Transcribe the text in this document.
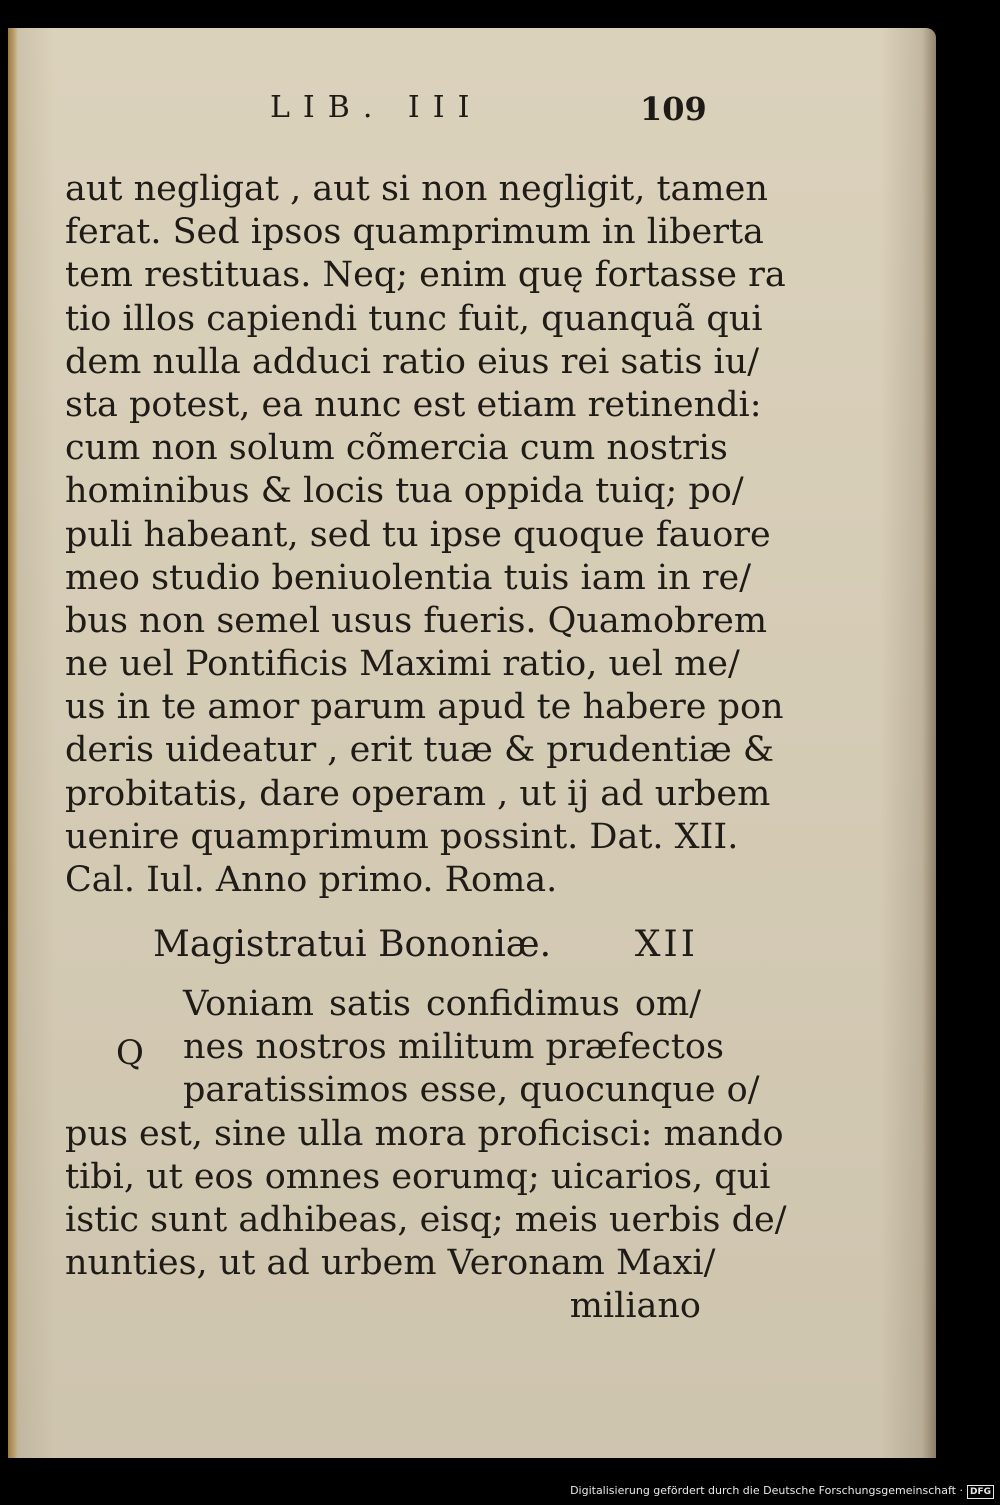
LIB. III	109
aut negligat , aut si non negligit, tamen
ferat. Sed ipsos quamprimum in liberta
tem restituas. Neq; enim quę fortasse ra
tio illos capiendi tunc fuit, quanquã qui
dem nulla adduci ratio eius rei satis iu/
sta potest, ea nunc est etiam retinendi:
cum non solum cõmercia cum nostris
hominibus & locis tua oppida tuiq; po/
puli habeant, sed tu ipse quoque fauore
meo studio beniuolentia tuis iam in re/
bus non semel usus fueris. Quamobrem
ne uel Pontificis Maximi ratio, uel me/
us in te amor parum apud te habere pon
deris uideatur , erit tuæ & prudentiæ &
probitatis, dare operam , ut ij ad urbem
uenire quamprimum possint. Dat. XII.
Cal. Iul. Anno primo. Roma.
Magistratui Bononiæ. XII
Q
Voniam satis confidimus om/
nes nostros militum præfectos
paratissimos esse, quocunque o/
pus est, sine ulla mora proficisci: mando
tibi, ut eos omnes eorumq; uicarios, qui
istic sunt adhibeas, eisq; meis uerbis de/
nunties, ut ad urbem Veronam Maxi/
miliano
Digitalisierung gefördert durch die Deutsche Forschungsgemeinschaft · DFG
